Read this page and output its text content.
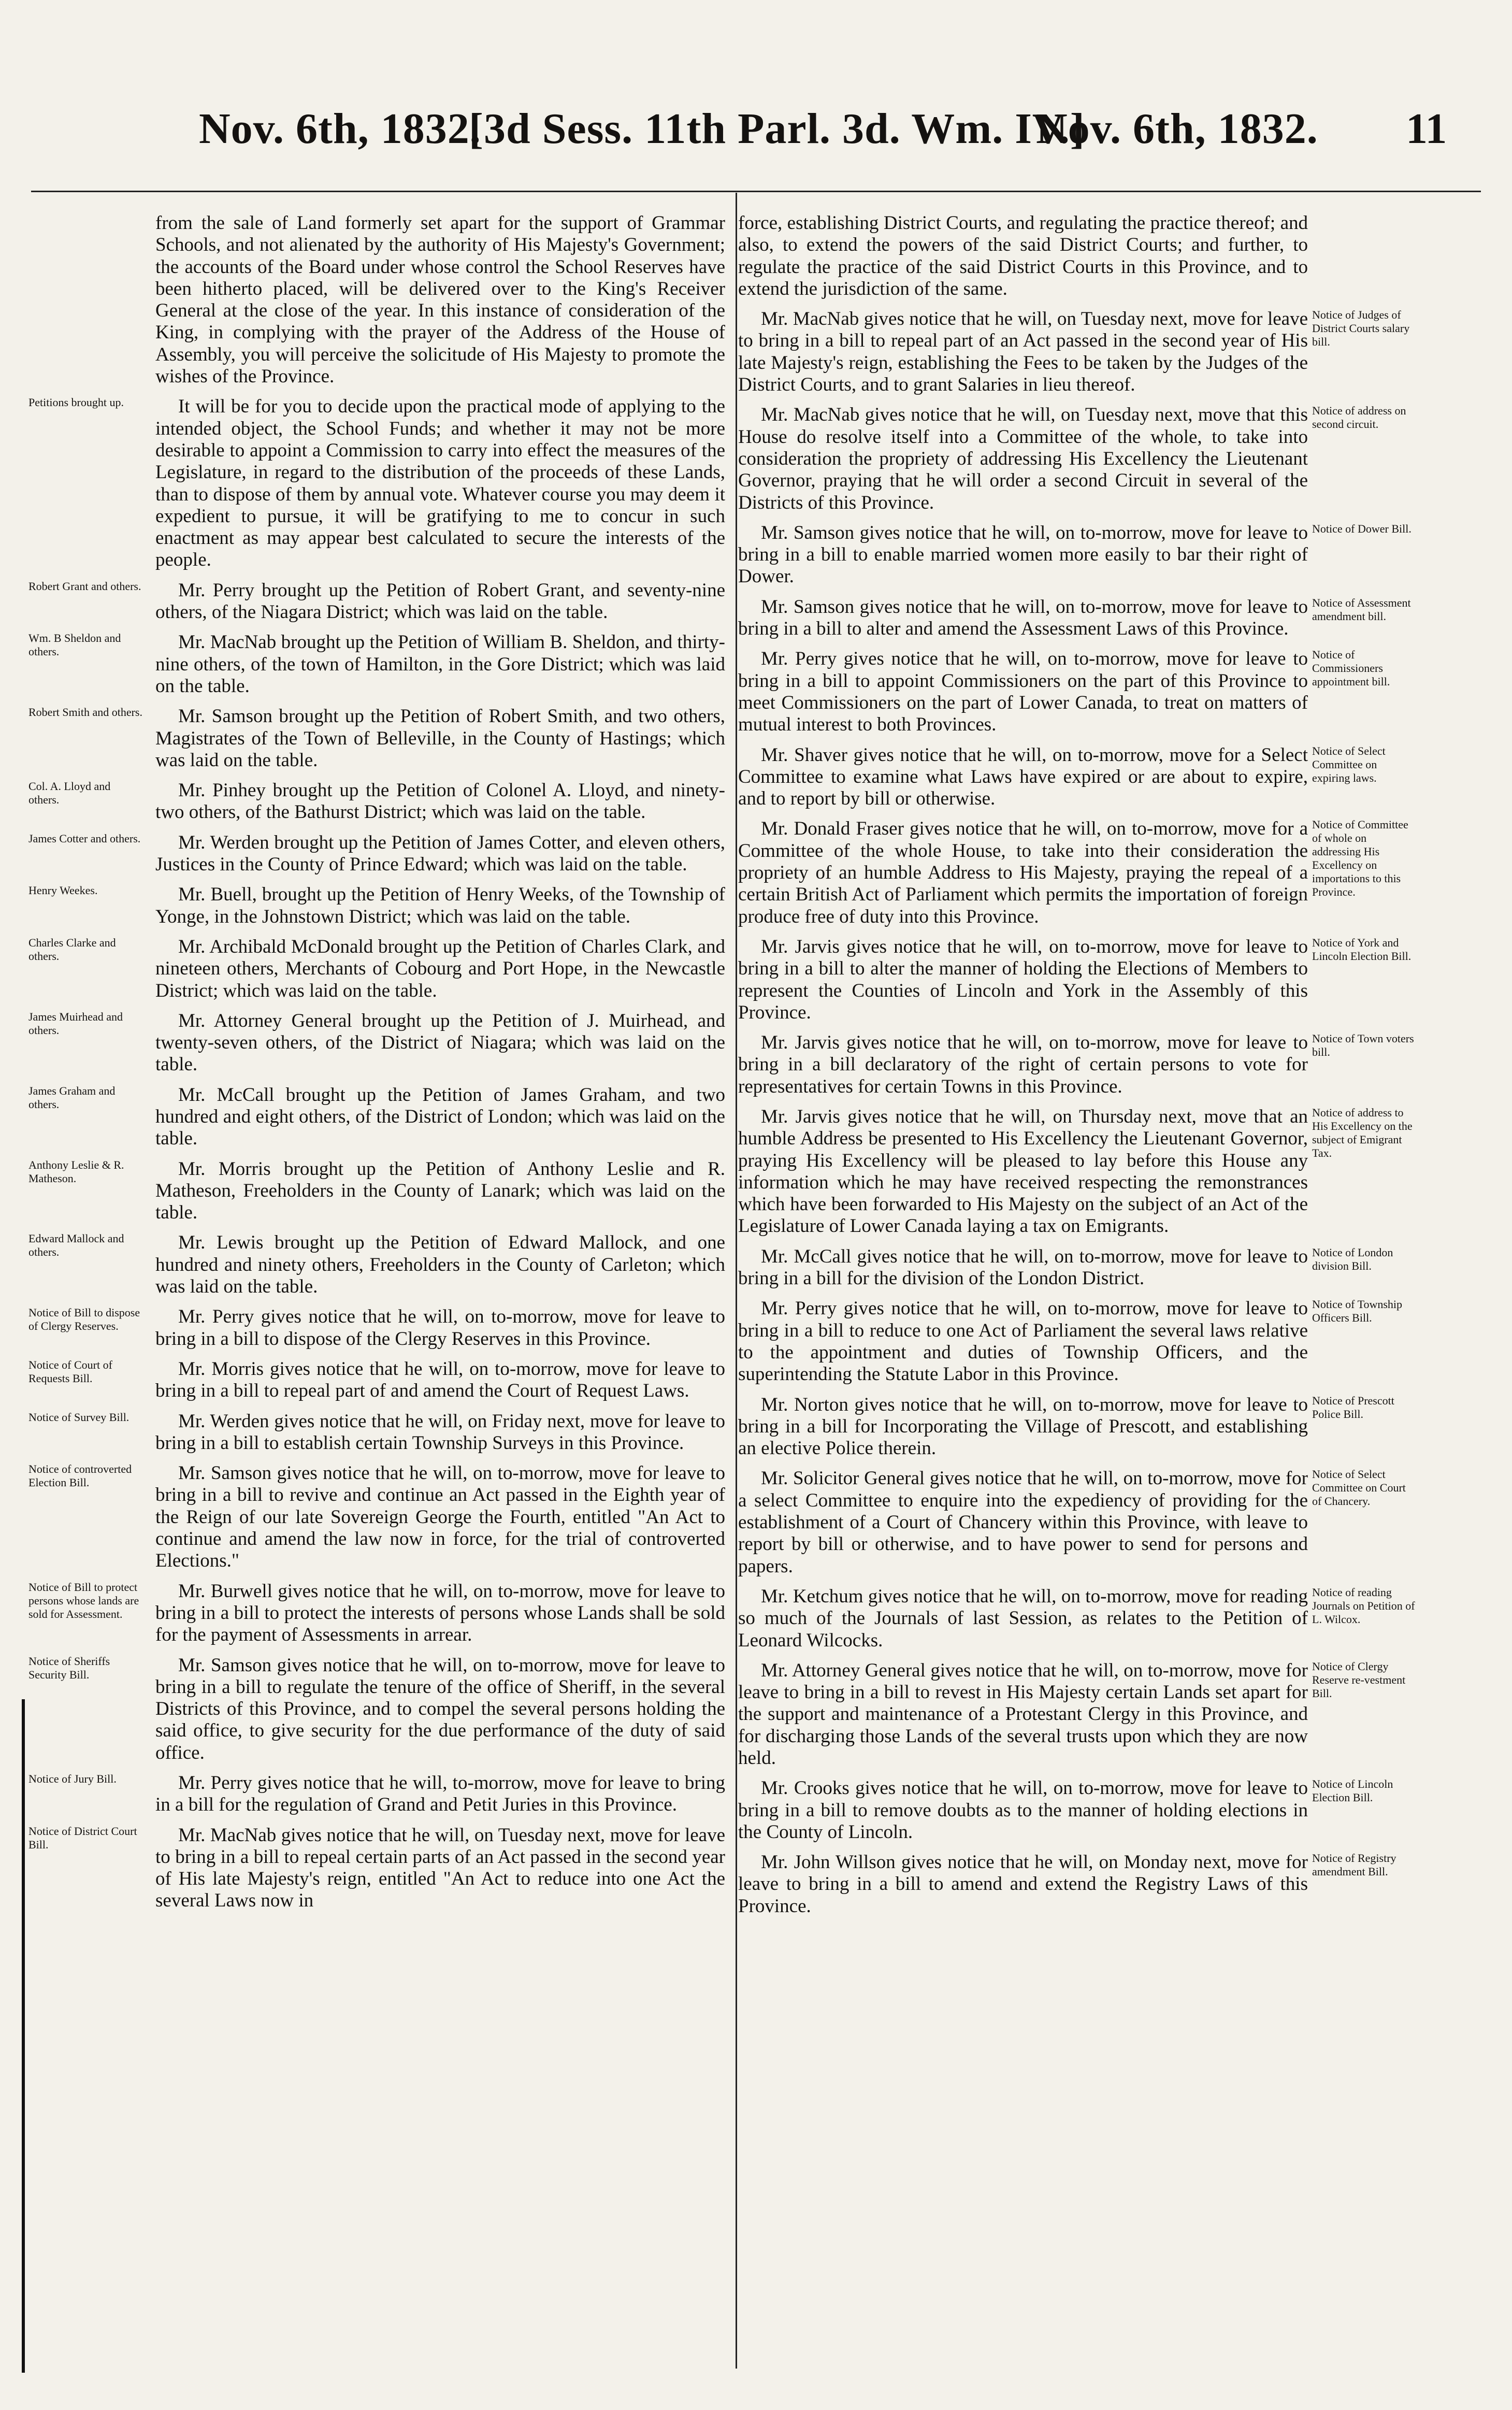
Nov. 6th, 1832.
[3d Sess. 11th Parl. 3d. Wm. IV.]
Nov. 6th, 1832. 11

from the sale of Land formerly set apart for the support of Grammar Schools, and not alienated by the authority of His Majesty's Government; the accounts of the Board under whose control the School Reserves have been hitherto placed, will be delivered over to the King's Receiver General at the close of the year. In this instance of consideration of the King, in complying with the prayer of the Address of the House of Assembly, you will perceive the solicitude of His Majesty to promote the wishes of the Province.

Petitions brought up.	It will be for you to decide upon the practical mode of applying to the intended object, the School Funds; and whether it may not be more desirable to appoint a Commission to carry into effect the measures of the Legislature, in regard to the distribution of the proceeds of these Lands, than to dispose of them by annual vote. Whatever course you may deem it expedient to pursue, it will be gratifying to me to concur in such enactment as may appear best calculated to secure the interests of the people.

Robert Grant and others. Mr. Perry brought up the Petition of Robert Grant, and seventy-nine others, of the Niagara District; which was laid on the table.

Wm. B Sheldon and others.	Mr. MacNab brought up the Petition of William B. Sheldon, and thirty-nine others, of the town of Hamilton, in the Gore District; which was laid on the table.

Robert Smith and others. Mr. Samson brought up the Petition of Robert Smith, and two others, Magistrates of the Town of Belleville, in the County of Hastings; which was laid on the table.

Col. A. Lloyd and others.	Mr. Pinhey brought up the Petition of Colonel A. Lloyd, and ninety-two others, of the Bathurst District; which was laid on the table.

James Cotter and others. Mr. Werden brought up the Petition of James Cotter, and eleven others, Justices in the County of Prince Edward; which was laid on the table.

Henry Weekes.	Mr. Buell, brought up the Petition of Henry Weeks, of the Township of Yonge, in the Johnstown District; which was laid on the table.

Charles Clarke and others.	Mr. Archibald McDonald brought up the Petition of Charles Clark, and nineteen others, Merchants of Cobourg and Port Hope, in the Newcastle District; which was laid on the table.

James Muirhead and others.	Mr. Attorney General brought up the Petition of J. Muirhead, and twenty-seven others, of the District of Niagara; which was laid on the table.

James Graham and others.	Mr. McCall brought up the Petition of James Graham, and two hundred and eight others, of the District of London; which was laid on the table.

Anthony Leslie & R. Matheson.	Mr. Morris brought up the Petition of Anthony Leslie and R. Matheson, Freeholders in the County of Lanark; which was laid on the table.

Edward Mallock and others.	Mr. Lewis brought up the Petition of Edward Mallock, and one hundred and ninety others, Freeholders in the County of Carleton; which was laid on the table.

Notice of Bill to dispose of Clergy Reserves.	Mr. Perry gives notice that he will, on to-morrow, move for leave to bring in a bill to dispose of the Clergy Reserves in this Province.

Notice of Court of Requests Bill.	Mr. Morris gives notice that he will, on to-morrow, move for leave to bring in a bill to repeal part of and amend the Court of Request Laws.

Notice of Survey Bill.	Mr. Werden gives notice that he will, on Friday next, move for leave to bring in a bill to establish certain Township Surveys in this Province.

Notice of controverted Election Bill.	Mr. Samson gives notice that he will, on to-morrow, move for leave to bring in a bill to revive and continue an Act passed in the Eighth year of the Reign of our late Sovereign George the Fourth, entitled "An Act to continue and amend the law now in force, for the trial of controverted Elections."

Notice of Bill to protect persons whose lands are sold for Assessment.
Mr. Burwell gives notice that he will, on to-morrow, move for leave to bring in a bill to protect the interests of persons whose Lands shall be sold for the payment of Assessments in arrear.

Notice of Sheriffs Security Bill.	Mr. Samson gives notice that he will, on to-morrow, move for leave to bring in a bill to regulate the tenure of the office of Sheriff, in the several Districts of this Province, and to compel the several persons holding the said office, to give security for the due performance of the duty of said office.

Notice of Jury Bill.	Mr. Perry gives notice that he will, to-morrow, move for leave to bring in a bill for the regulation of Grand and Petit Juries in this Province.

Notice of District Court Bill.	Mr. MacNab gives notice that he will, on Tuesday next, move for leave to bring in a bill to repeal certain parts of an Act passed in the second year of His late Majesty's reign, entitled "An Act to reduce into one Act the several Laws now in

force, establishing District Courts, and regulating the practice thereof; and also, to extend the powers of the said District Courts; and further, to regulate the practice of the said District Courts in this Province, and to extend the jurisdiction of the same.

Notice of Judges of District Courts salary bill.
Mr. MacNab gives notice that he will, on Tuesday next, move for leave to bring in a bill to repeal part of an Act passed in the second year of His late Majesty's reign, establishing the Fees to be taken by the Judges of the District Courts, and to grant Salaries in lieu thereof.

Notice of address on second circuit.
Mr. MacNab gives notice that he will, on Tuesday next, move that this House do resolve itself into a Committee of the whole, to take into consideration the propriety of addressing His Excellency the Lieutenant Governor, praying that he will order a second Circuit in several of the Districts of this Province.

Notice of Dower Bill.
Mr. Samson gives notice that he will, on to-morrow, move for leave to bring in a bill to enable married women more easily to bar their right of Dower.

Notice of Assessment amendment bill.
Mr. Samson gives notice that he will, on to-morrow, move for leave to bring in a bill to alter and amend the Assessment Laws of this Province.

Notice of Commissioners appointment bill.
Mr. Perry gives notice that he will, on to-morrow, move for leave to bring in a bill to appoint Commissioners on the part of this Province to meet Commissioners on the part of Lower Canada, to treat on matters of mutual interest to both Provinces.

Notice of Select Committee on expiring laws.
Mr. Shaver gives notice that he will, on to-morrow, move for a Select Committee to examine what Laws have expired or are about to expire, and to report by bill or otherwise.

Notice of Committee of whole on addressing His Excellency on importations to this Province.
Mr. Donald Fraser gives notice that he will, on to-morrow, move for a Committee of the whole House, to take into their consideration the propriety of an humble Address to His Majesty, praying the repeal of a certain British Act of Parliament which permits the importation of foreign produce free of duty into this Province.

Notice of York and Lincoln Election Bill.
Mr. Jarvis gives notice that he will, on to-morrow, move for leave to bring in a bill to alter the manner of holding the Elections of Members to represent the Counties of Lincoln and York in the Assembly of this Province.

Notice of Town voters bill.
Mr. Jarvis gives notice that he will, on to-morrow, move for leave to bring in a bill declaratory of the right of certain persons to vote for representatives for certain Towns in this Province.

Notice of address to His Excellency on the subject of Emigrant Tax.
Mr. Jarvis gives notice that he will, on Thursday next, move that an humble Address be presented to His Excellency the Lieutenant Governor, praying His Excellency will be pleased to lay before this House any information which he may have received respecting the remonstrances which have been forwarded to His Majesty on the subject of an Act of the Legislature of Lower Canada laying a tax on Emigrants.

Notice of London division Bill.
Mr. McCall gives notice that he will, on to-morrow, move for leave to bring in a bill for the division of the London District.

Notice of Township Officers Bill.
Mr. Perry gives notice that he will, on to-morrow, move for leave to bring in a bill to reduce to one Act of Parliament the several laws relative to the appointment and duties of Township Officers, and the superintending the Statute Labor in this Province.

Notice of Prescott Police Bill.
Mr. Norton gives notice that he will, on to-morrow, move for leave to bring in a bill for Incorporating the Village of Prescott, and establishing an elective Police therein.

Notice of Select Committee on Court of Chancery.
Mr. Solicitor General gives notice that he will, on to-morrow, move for a select Committee to enquire into the expediency of providing for the establishment of a Court of Chancery within this Province, with leave to report by bill or otherwise, and to have power to send for persons and papers.

Notice of reading Journals on Petition of L. Wilcox.
Mr. Ketchum gives notice that he will, on to-morrow, move for reading so much of the Journals of last Session, as relates to the Petition of Leonard Wilcocks.

Notice of Clergy Reserve re-vestment Bill.
Mr. Attorney General gives notice that he will, on to-morrow, move for leave to bring in a bill to revest in His Majesty certain Lands set apart for the support and maintenance of a Protestant Clergy in this Province, and for discharging those Lands of the several trusts upon which they are now held.

Notice of Lincoln Election Bill.
Mr. Crooks gives notice that he will, on to-morrow, move for leave to bring in a bill to remove doubts as to the manner of holding elections in the County of Lincoln.

Notice of Registry amendment Bill.
Mr. John Willson gives notice that he will, on Monday next, move for leave to bring in a bill to amend and extend the Registry Laws of this Province.
